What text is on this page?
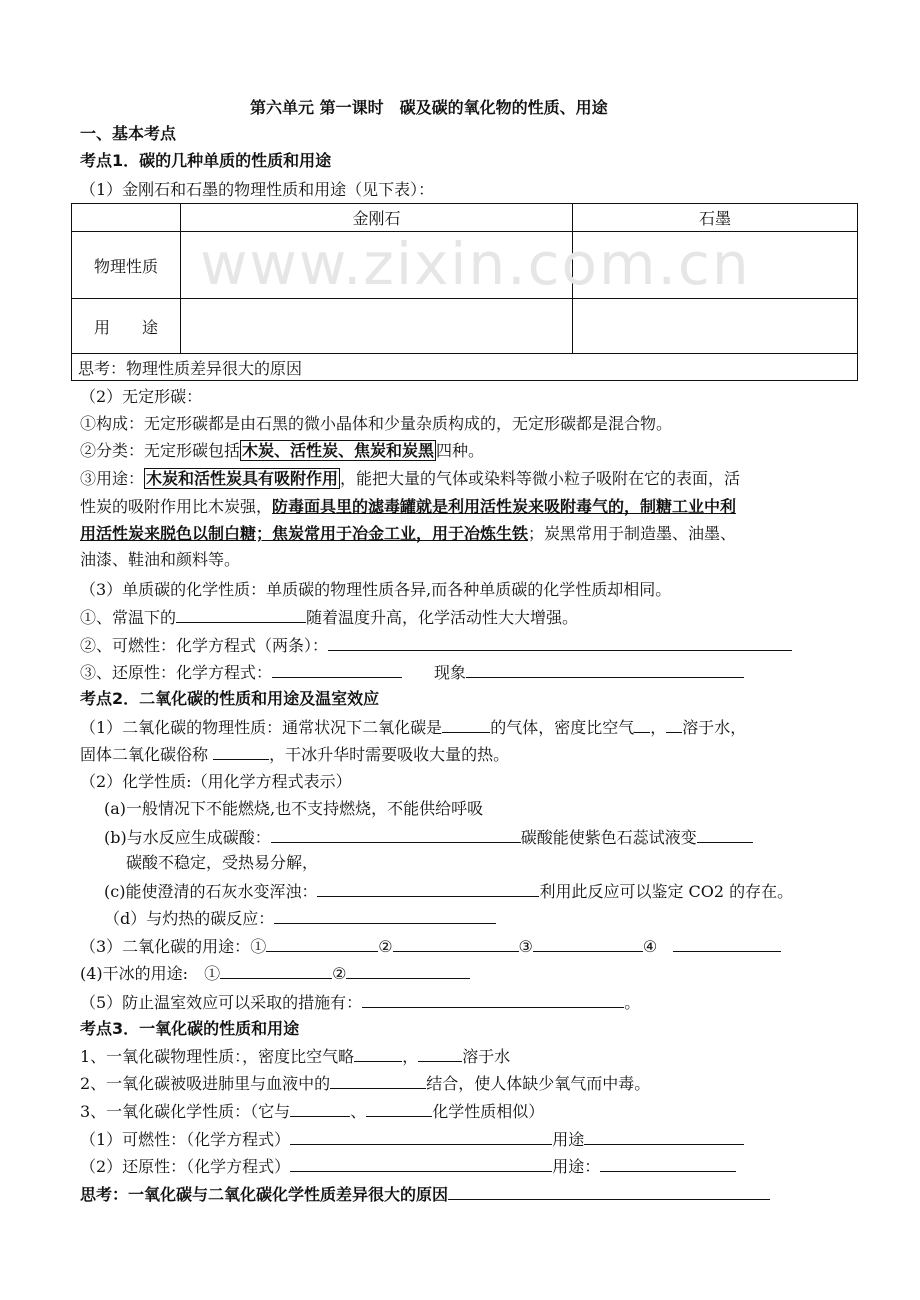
第六单元 第一课时　碳及碳的氧化物的性质、用途
一、基本考点
考点1．碳的几种单质的性质和用途
（1）金刚石和石墨的物理性质和用途（见下表）：
	金刚石	石墨
物理性质		
用　　途		
思考：物理性质差异很大的原因		
www.zixin.com.cn
（2）无定形碳：
①构成：无定形碳都是由石黑的微小晶体和少量杂质构成的，无定形碳都是混合物。
②分类：无定形碳包括 木炭、活性炭、焦炭和炭黑 四种。
③用途： 木炭和活性炭具有吸附作用 ，能把大量的气体或染料等微小粒子吸附在它的表面，活
性炭的吸附作用比木炭强，防毒面具里的滤毒罐就是利用活性炭来吸附毒气的，制糖工业中利
用活性炭来脱色以制白糖；焦炭常用于冶金工业，用于冶炼生铁；炭黑常用于制造墨、油墨、
油漆、鞋油和颜料等。
（3）单质碳的化学性质：单质碳的物理性质各异,而各种单质碳的化学性质却相同。
①、常温下的	随着温度升高，化学活动性大大增强。
②、可燃性：化学方程式（两条）：
③、还原性：化学方程式：　　	现象
考点2．二氧化碳的性质和用途及温室效应
（1）二氧化碳的物理性质：通常状况下二氧化碳是	的气体，密度比空气 ， 溶于水，
固体二氧化碳俗称	，干冰升华时需要吸收大量的热。
（2）化学性质:（用化学方程式表示）
(a)一般情况下不能燃烧,也不支持燃烧，不能供给呼吸
(b)与水反应生成碳酸：	碳酸能使紫色石蕊试液变
碳酸不稳定，受热易分解，
(c)能使澄清的石灰水变浑浊：	利用此反应可以鉴定 CO2 的存在。
（d）与灼热的碳反应：
（3）二氧化碳的用途：①	②	③	④　
(4)干冰的用途:　①	②
（5）防止温室效应可以采取的措施有：	。
考点3．一氧化碳的性质和用途
1、一氧化碳物理性质：，密度比空气略	，	溶于水
2、一氧化碳被吸进肺里与血液中的	结合，使人体缺少氧气而中毒。
3、一氧化碳化学性质：（它与	、	化学性质相似）
（1）可燃性：（化学方程式）	用途
（2）还原性：（化学方程式）	用途：
思考：一氧化碳与二氧化碳化学性质差异很大的原因
